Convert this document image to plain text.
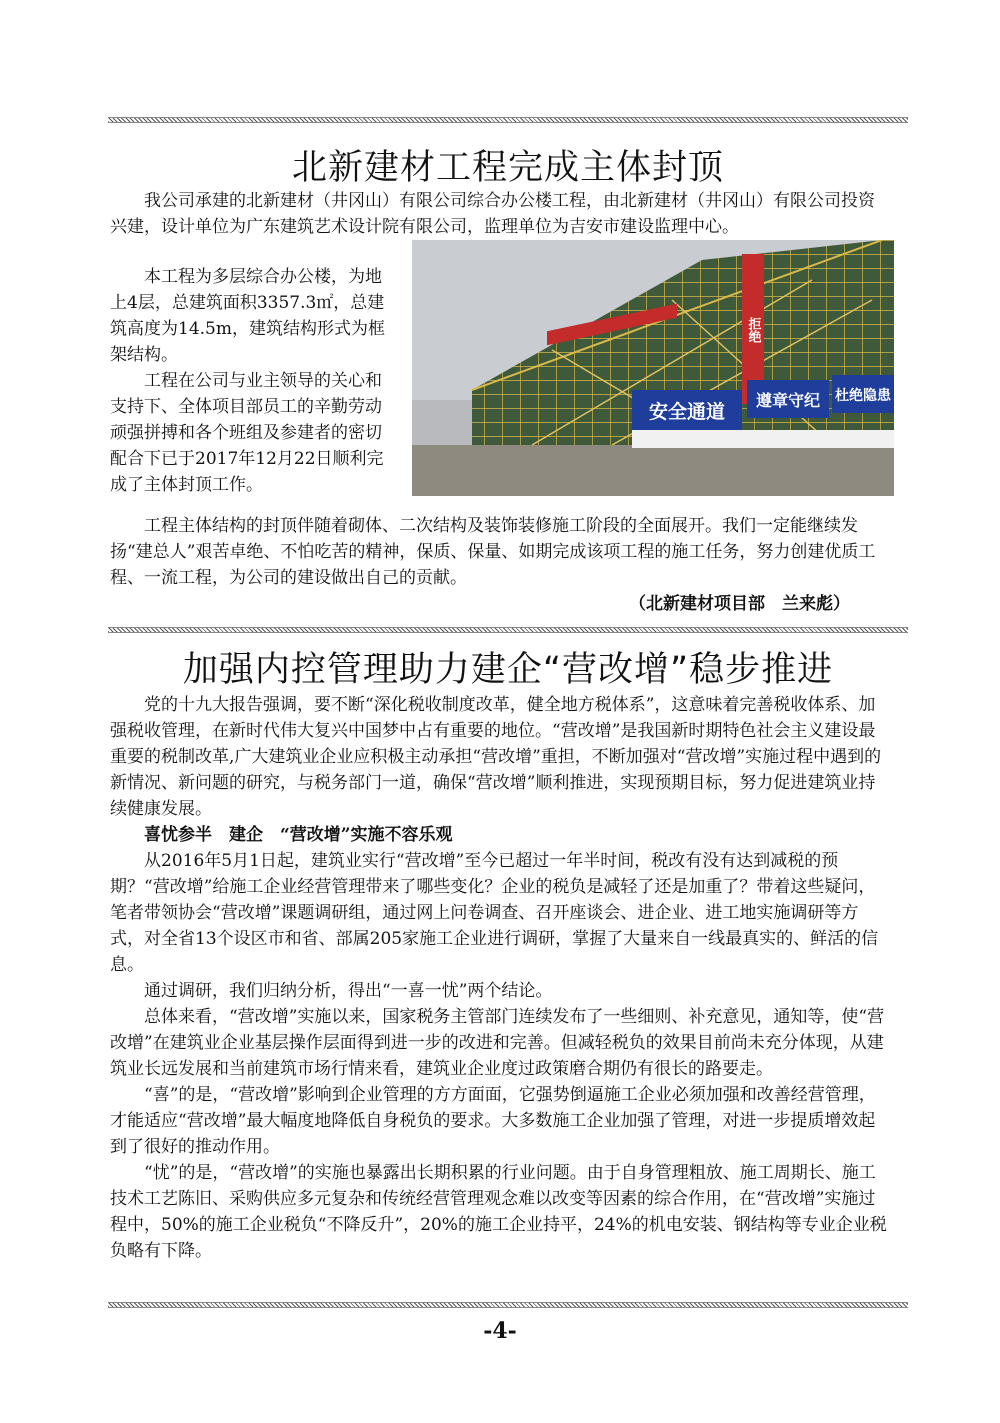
北新建材工程完成主体封顶

我公司承建的北新建材（井冈山）有限公司综合办公楼工程，由北新建材（井冈山）有限公司投资兴建，设计单位为广东建筑艺术设计院有限公司，监理单位为吉安市建设监理中心。

本工程为多层综合办公楼，为地上4层，总建筑面积3357.3㎡，总建筑高度为14.5m，建筑结构形式为框架结构。

工程在公司与业主领导的关心和支持下、全体项目部员工的辛勤劳动顽强拼搏和各个班组及参建者的密切配合下已于2017年12月22日顺利完成了主体封顶工作。

安全通道
遵章守纪 杜绝隐患
拒绝

工程主体结构的封顶伴随着砌体、二次结构及装饰装修施工阶段的全面展开。我们一定能继续发扬“建总人”艰苦卓绝、不怕吃苦的精神，保质、保量、如期完成该项工程的施工任务，努力创建优质工程、一流工程，为公司的建设做出自己的贡献。

（北新建材项目部　兰来彪）

加强内控管理助力建企“营改增”稳步推进

党的十九大报告强调，要不断“深化税收制度改革，健全地方税体系”，这意味着完善税收体系、加强税收管理，在新时代伟大复兴中国梦中占有重要的地位。“营改增”是我国新时期特色社会主义建设最重要的税制改革,广大建筑业企业应积极主动承担“营改增”重担，不断加强对“营改增”实施过程中遇到的新情况、新问题的研究，与税务部门一道，确保“营改增”顺利推进，实现预期目标，努力促进建筑业持续健康发展。

喜忧参半　建企　“营改增”实施不容乐观

从2016年5月1日起，建筑业实行“营改增”至今已超过一年半时间，税改有没有达到减税的预期？“营改增”给施工企业经营管理带来了哪些变化？企业的税负是减轻了还是加重了？带着这些疑问，笔者带领协会“营改增”课题调研组，通过网上问卷调查、召开座谈会、进企业、进工地实施调研等方式，对全省13个设区市和省、部属205家施工企业进行调研，掌握了大量来自一线最真实的、鲜活的信息。

通过调研，我们归纳分析，得出“一喜一忧”两个结论。

总体来看，“营改增”实施以来，国家税务主管部门连续发布了一些细则、补充意见，通知等，使“营改增”在建筑业企业基层操作层面得到进一步的改进和完善。但减轻税负的效果目前尚未充分体现，从建筑业长远发展和当前建筑市场行情来看，建筑业企业度过政策磨合期仍有很长的路要走。

“喜”的是，“营改增”影响到企业管理的方方面面，它强势倒逼施工企业必须加强和改善经营管理，才能适应“营改增”最大幅度地降低自身税负的要求。大多数施工企业加强了管理，对进一步提质增效起到了很好的推动作用。

“忧”的是，“营改增”的实施也暴露出长期积累的行业问题。由于自身管理粗放、施工周期长、施工技术工艺陈旧、采购供应多元复杂和传统经营管理观念难以改变等因素的综合作用，在“营改增”实施过程中，50%的施工企业税负“不降反升”，20%的施工企业持平，24%的机电安装、钢结构等专业企业税负略有下降。

-4-
